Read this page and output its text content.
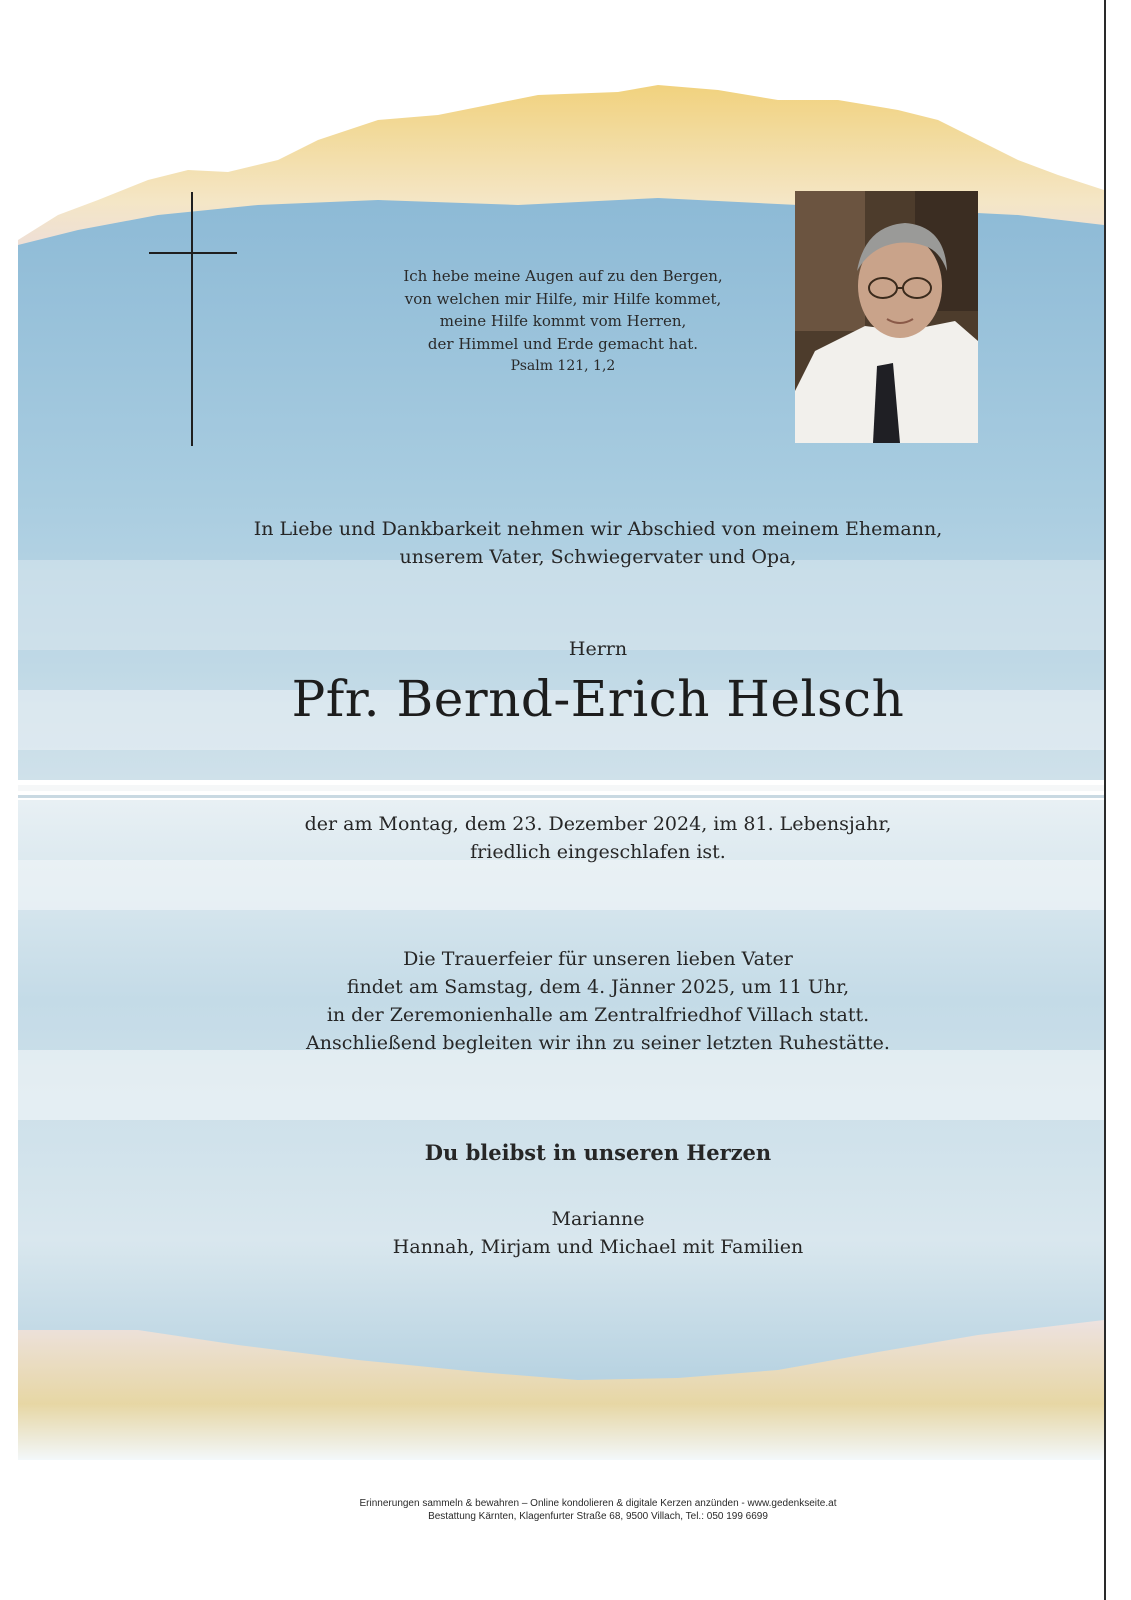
Ich hebe meine Augen auf zu den Bergen,
von welchen mir Hilfe, mir Hilfe kommet,
meine Hilfe kommt vom Herren,
der Himmel und Erde gemacht hat.
Psalm 121, 1,2
In Liebe und Dankbarkeit nehmen wir Abschied von meinem Ehemann,
unserem Vater, Schwiegervater und Opa,
Herrn
Pfr. Bernd-Erich Helsch
der am Montag, dem 23. Dezember 2024, im 81. Lebensjahr,
friedlich eingeschlafen ist.
Die Trauerfeier für unseren lieben Vater
findet am Samstag, dem 4. Jänner 2025, um 11 Uhr,
in der Zeremonienhalle am Zentralfriedhof Villach statt.
Anschließend begleiten wir ihn zu seiner letzten Ruhestätte.
Du bleibst in unseren Herzen
Marianne
Hannah, Mirjam und Michael mit Familien
Erinnerungen sammeln & bewahren – Online kondolieren & digitale Kerzen anzünden - www.gedenkseite.at
Bestattung Kärnten, Klagenfurter Straße 68, 9500 Villach, Tel.: 050 199 6699
